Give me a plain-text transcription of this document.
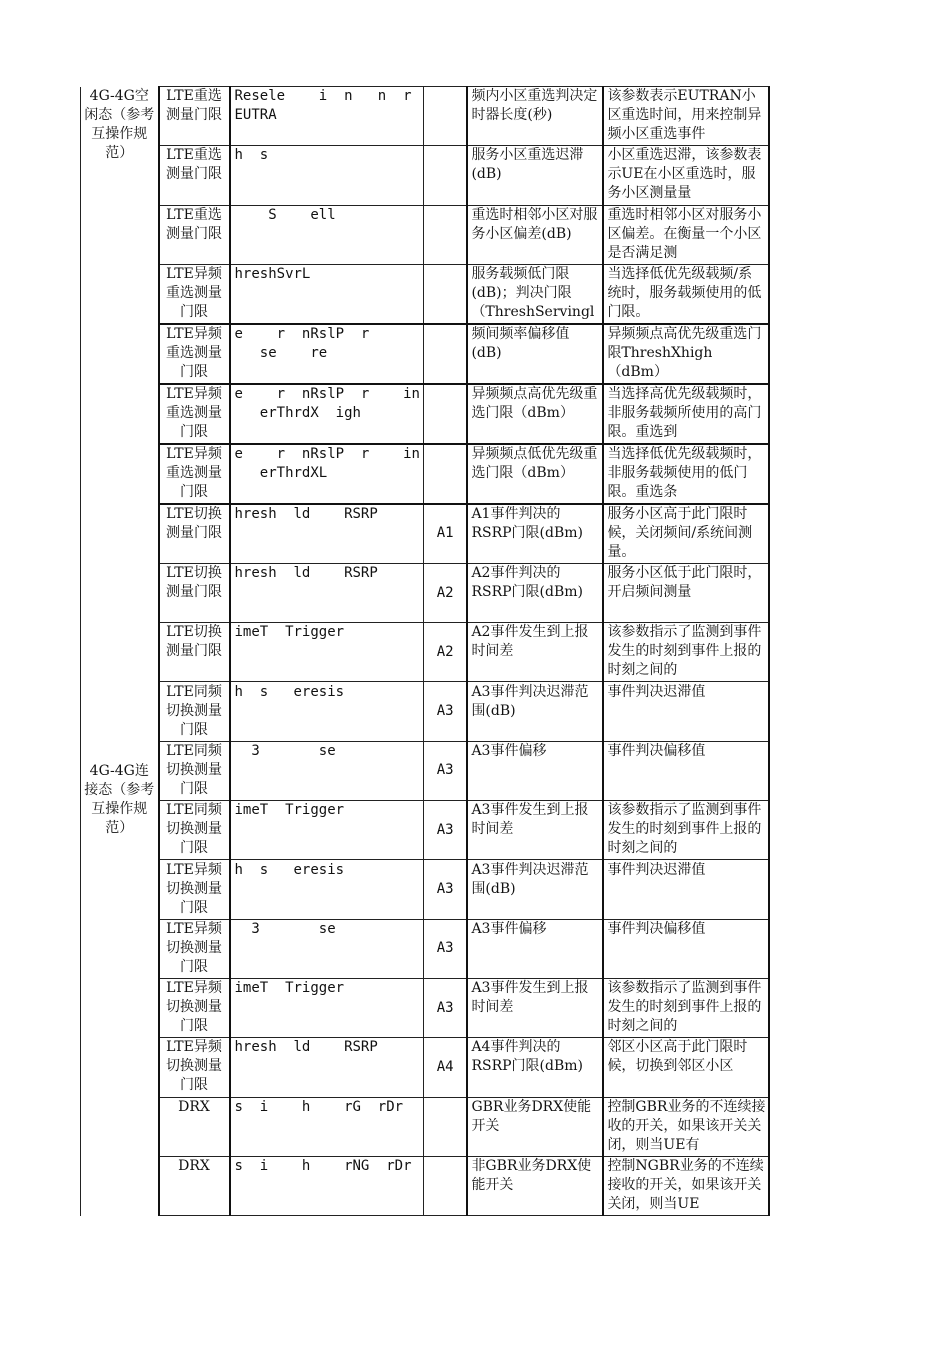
4G-4G空闲态（参考互操作规范）	LTE重选测量门限	Resele    i  n   n  r
EUTRA		频内小区重选判决定时器长度(秒)	该参数表示EUTRAN小区重选时间，用来控制异频小区重选事件

	LTE重选测量门限	h  s		服务小区重选迟滞(dB)	小区重选迟滞，该参数表示UE在小区重选时，服务小区测量量

	LTE重选测量门限	S    ell		重选时相邻小区对服务小区偏差(dB)	重选时相邻小区对服务小区偏差。在衡量一个小区是否满足测

	LTE异频重选测量门限	hreshSvrL		服务载频低门限(dB)；判决门限（ThreshServingl	当选择低优先级载频/系统时，服务载频使用的低门限。

	LTE异频重选测量门限	e    r  nRslP  r
se    re		频间频率偏移值(dB)	异频频点高优先级重选门限ThreshXhigh（dBm）

	LTE异频重选测量门限	e    r  nRslP  r    in
erThrdX  igh		异频频点高优先级重选门限（dBm）	当选择高优先级载频时，非服务载频所使用的高门限。重选到

	LTE异频重选测量门限	e    r  nRslP  r    in
erThrdXL		异频频点低优先级重选门限（dBm）	当选择低优先级载频时，非服务载频使用的低门限。重选条

4G-4G连接态（参考互操作规范）	LTE切换测量门限	hresh  ld    RSRP	A1	A1事件判决的RSRP门限(dBm)	服务小区高于此门限时候，关闭频间/系统间测量。

	LTE切换测量门限	hresh  ld    RSRP	A2	A2事件判决的RSRP门限(dBm)	服务小区低于此门限时，开启频间测量

	LTE切换测量门限	imeT  Trigger	A2	A2事件发生到上报时间差	该参数指示了监测到事件发生的时刻到事件上报的时刻之间的

	LTE同频切换测量门限	h  s   eresis	A3	A3事件判决迟滞范围(dB)	事件判决迟滞值

	LTE同频切换测量门限	3       se	A3	A3事件偏移	事件判决偏移值

	LTE同频切换测量门限	imeT  Trigger	A3	A3事件发生到上报时间差	该参数指示了监测到事件发生的时刻到事件上报的时刻之间的

	LTE异频切换测量门限	h  s   eresis	A3	A3事件判决迟滞范围(dB)	事件判决迟滞值

	LTE异频切换测量门限	3       se	A3	A3事件偏移	事件判决偏移值

	LTE异频切换测量门限	imeT  Trigger	A3	A3事件发生到上报时间差	该参数指示了监测到事件发生的时刻到事件上报的时刻之间的

	LTE异频切换测量门限	hresh  ld    RSRP	A4	A4事件判决的RSRP门限(dBm)	邻区小区高于此门限时候，切换到邻区小区

	DRX	s  i    h    rG  rDr		GBR业务DRX使能开关	控制GBR业务的不连续接收的开关，如果该开关关闭，则当UE有

	DRX	s  i    h    rNG  rDr		非GBR业务DRX使能开关	控制NGBR业务的不连续接收的开关，如果该开关关闭，则当UE
